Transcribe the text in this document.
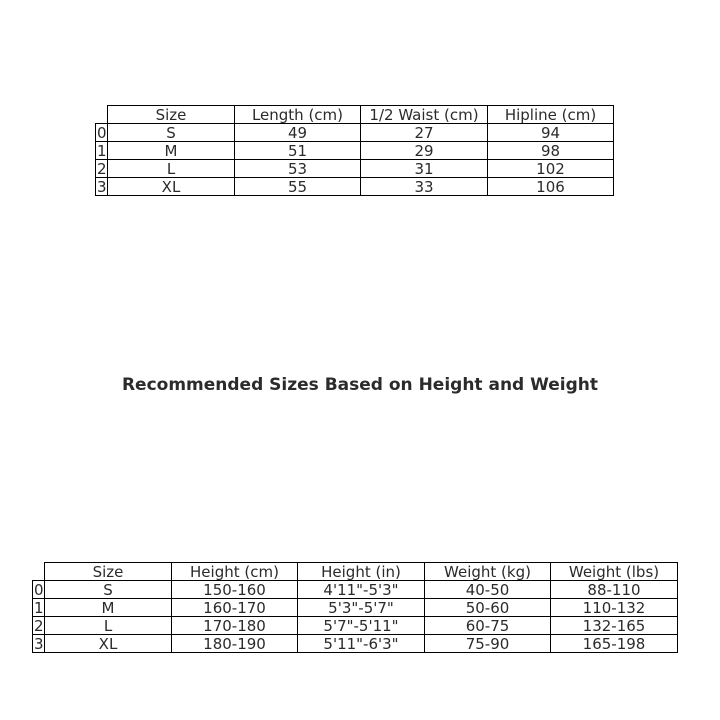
	Size	Length (cm)	1/2 Waist (cm)	Hipline (cm)
0	S	49	27	94
1	M	51	29	98
2	L	53	31	102
3	XL	55	33	106
Recommended Sizes Based on Height and Weight
	Size	Height (cm)	Height (in)	Weight (kg)	Weight (lbs)
0	S	150-160	4'11"-5'3"	40-50	88-110
1	M	160-170	5'3"-5'7"	50-60	110-132
2	L	170-180	5'7"-5'11"	60-75	132-165
3	XL	180-190	5'11"-6'3"	75-90	165-198
